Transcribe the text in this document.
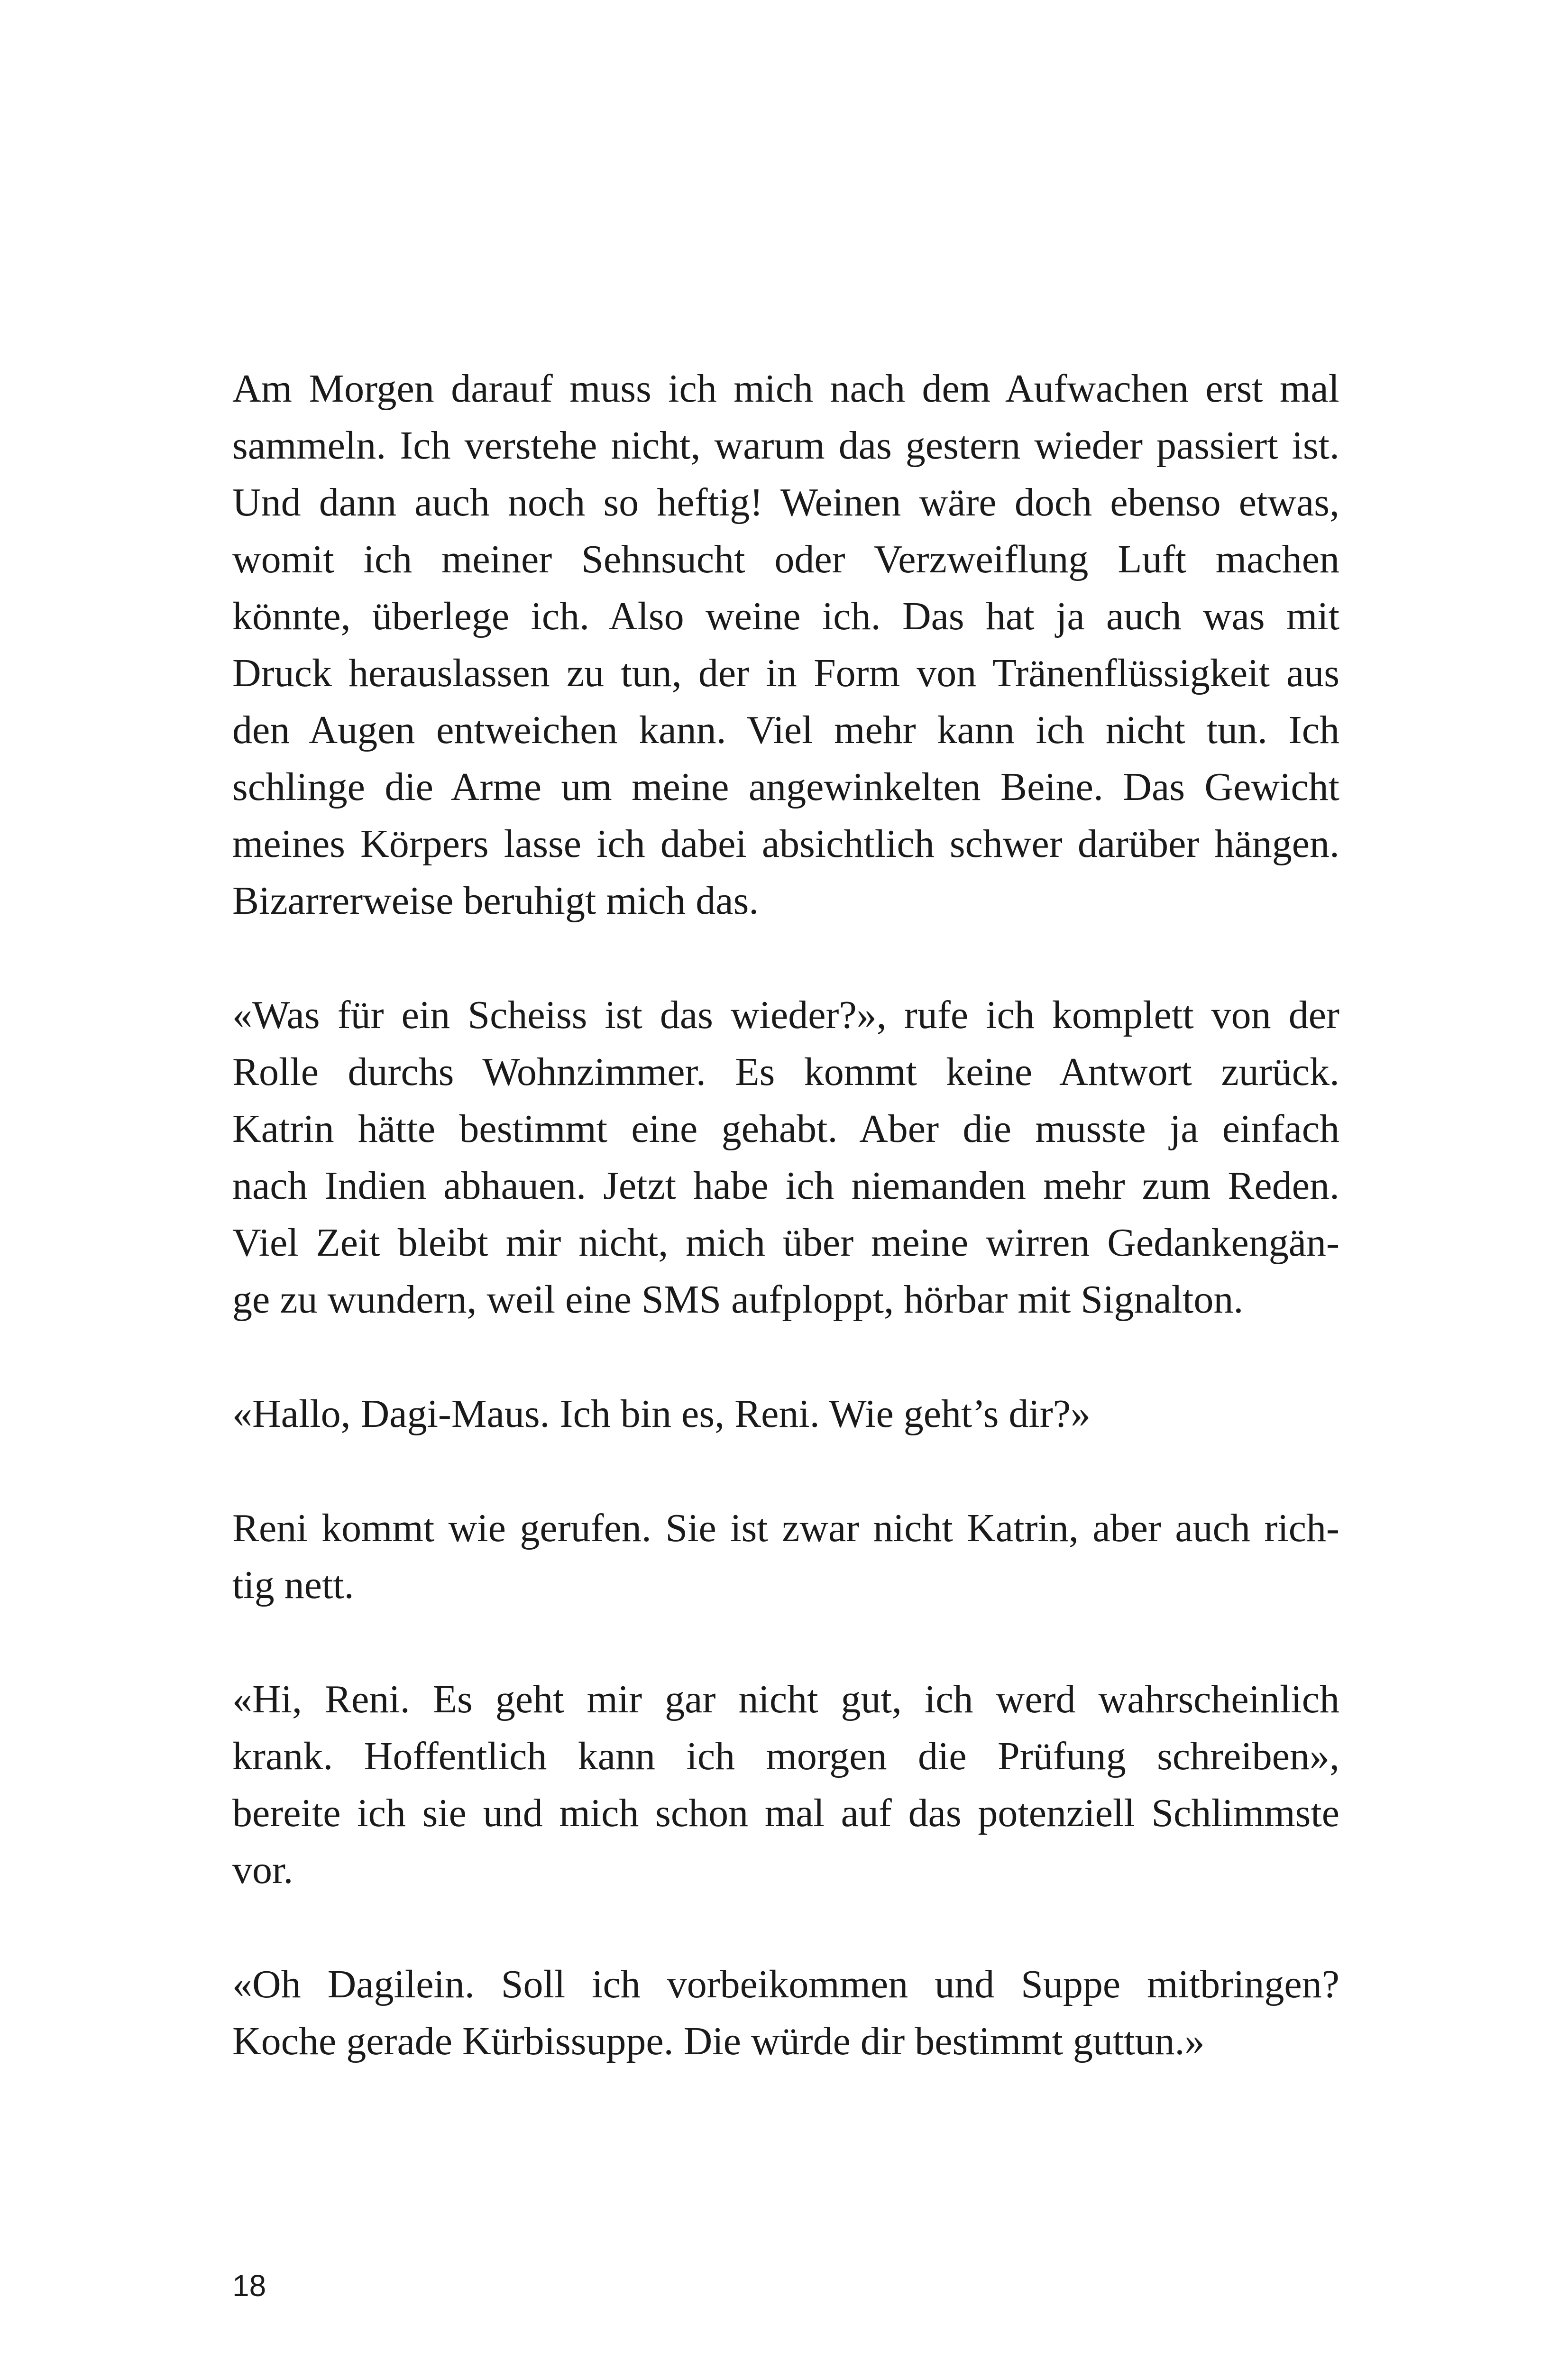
Am Morgen darauf muss ich mich nach dem Aufwachen erst mal
sammeln. Ich verstehe nicht, warum das gestern wieder passiert ist.
Und dann auch noch so heftig! Weinen wäre doch ebenso etwas,
womit ich meiner Sehnsucht oder Verzweiflung Luft machen
könnte, überlege ich. Also weine ich. Das hat ja auch was mit
Druck herauslassen zu tun, der in Form von Tränenflüssigkeit aus
den Augen entweichen kann. Viel mehr kann ich nicht tun. Ich
schlinge die Arme um meine angewinkelten Beine. Das Gewicht
meines Körpers lasse ich dabei absichtlich schwer darüber hängen.
Bizarrerweise beruhigt mich das.

«Was für ein Scheiss ist das wieder?», rufe ich komplett von der
Rolle durchs Wohnzimmer. Es kommt keine Antwort zurück.
Katrin hätte bestimmt eine gehabt. Aber die musste ja einfach
nach Indien abhauen. Jetzt habe ich niemanden mehr zum Reden.
Viel Zeit bleibt mir nicht, mich über meine wirren Gedankengän-
ge zu wundern, weil eine SMS aufploppt, hörbar mit Signalton.

«Hallo, Dagi-Maus. Ich bin es, Reni. Wie geht’s dir?»

Reni kommt wie gerufen. Sie ist zwar nicht Katrin, aber auch rich-
tig nett.

«Hi, Reni. Es geht mir gar nicht gut, ich werd wahrscheinlich
krank. Hoffentlich kann ich morgen die Prüfung schreiben»,
bereite ich sie und mich schon mal auf das potenziell Schlimmste
vor.

«Oh Dagilein. Soll ich vorbeikommen und Suppe mitbringen?
Koche gerade Kürbissuppe. Die würde dir bestimmt guttun.»

18
